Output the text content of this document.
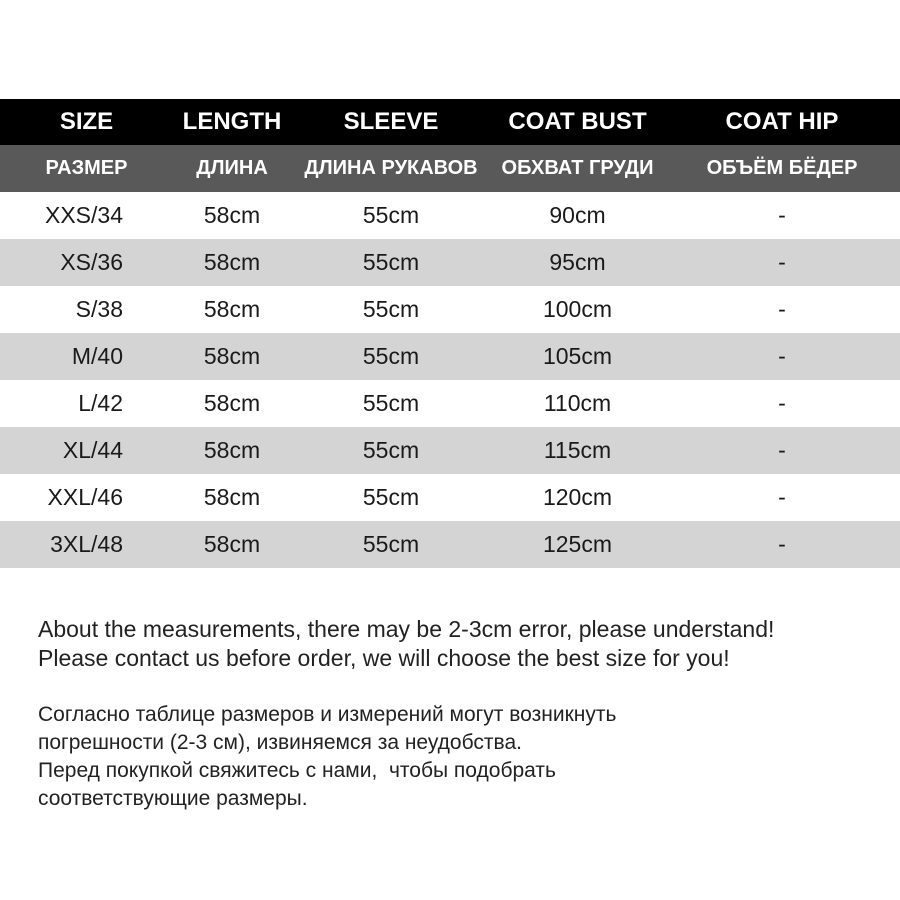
SIZE	LENGTH	SLEEVE	COAT BUST	COAT HIP
РАЗМЕР	ДЛИНА	ДЛИНА РУКАВОВ	ОБХВАТ ГРУДИ	ОБЪЁМ БЁДЕР
XXS/34	58cm	55cm	90cm	-
XS/36	58cm	55cm	95cm	-
S/38	58cm	55cm	100cm	-
M/40	58cm	55cm	105cm	-
L/42	58cm	55cm	110cm	-
XL/44	58cm	55cm	115cm	-
XXL/46	58cm	55cm	120cm	-
3XL/48	58cm	55cm	125cm	-

About the measurements, there may be 2-3cm error, please understand!

Please contact us before order, we will choose the best size for you!

Согласно таблице размеров и измерений могут возникнуть

погрешности (2-3 см), извиняемся за неудобства.

Перед покупкой свяжитесь с нами,  чтобы подобрать

соответствующие размеры.
